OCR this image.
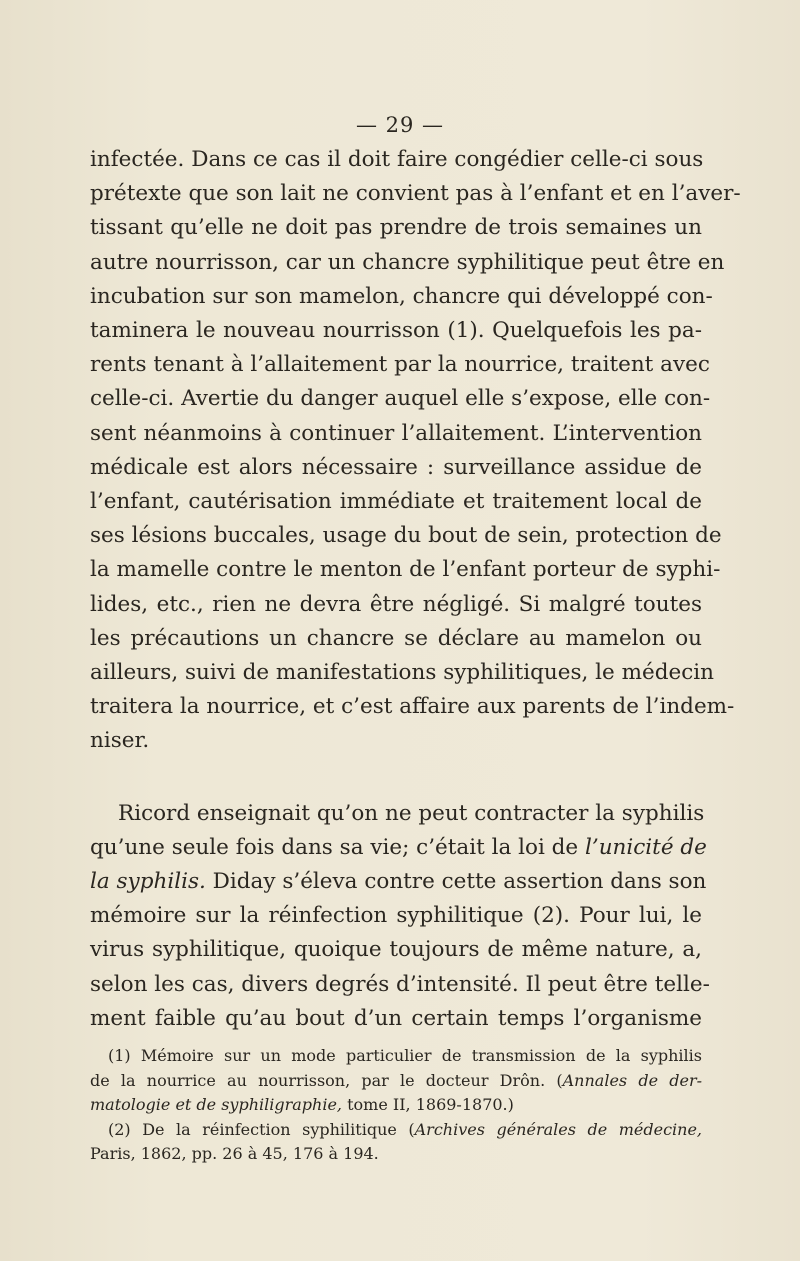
— 29 —

infectée. Dans ce cas il doit faire congédier celle-ci sous
prétexte que son lait ne convient pas à l’enfant et en l’aver-
tissant qu’elle ne doit pas prendre de trois semaines un
autre nourrisson, car un chancre syphilitique peut être en
incubation sur son mamelon, chancre qui développé con-
taminera le nouveau nourrisson (1). Quelquefois les pa-
rents tenant à l’allaitement par la nourrice, traitent avec
celle-ci. Avertie du danger auquel elle s’expose, elle con-
sent néanmoins à continuer l’allaitement. L’intervention
médicale est alors nécessaire : surveillance assidue de
l’enfant, cautérisation immédiate et traitement local de
ses lésions buccales, usage du bout de sein, protection de
la mamelle contre le menton de l’enfant porteur de syphi-
lides, etc., rien ne devra être négligé. Si malgré toutes
les précautions un chancre se déclare au mamelon ou
ailleurs, suivi de manifestations syphilitiques, le médecin
traitera la nourrice, et c’est affaire aux parents de l’indem-
niser.

Ricord enseignait qu’on ne peut contracter la syphilis
qu’une seule fois dans sa vie; c’était la loi de l’unicité de
la syphilis. Diday s’éleva contre cette assertion dans son
mémoire sur la réinfection syphilitique (2). Pour lui, le
virus syphilitique, quoique toujours de même nature, a,
selon les cas, divers degrés d’intensité. Il peut être telle-
ment faible qu’au bout d’un certain temps l’organisme

(1) Mémoire sur un mode particulier de transmission de la syphilis
de la nourrice au nourrisson, par le docteur Drôn. (Annales de der-
matologie et de syphiligraphie, tome II, 1869-1870.)

(2) De la réinfection syphilitique (Archives générales de médecine,
Paris, 1862, pp. 26 à 45, 176 à 194.
